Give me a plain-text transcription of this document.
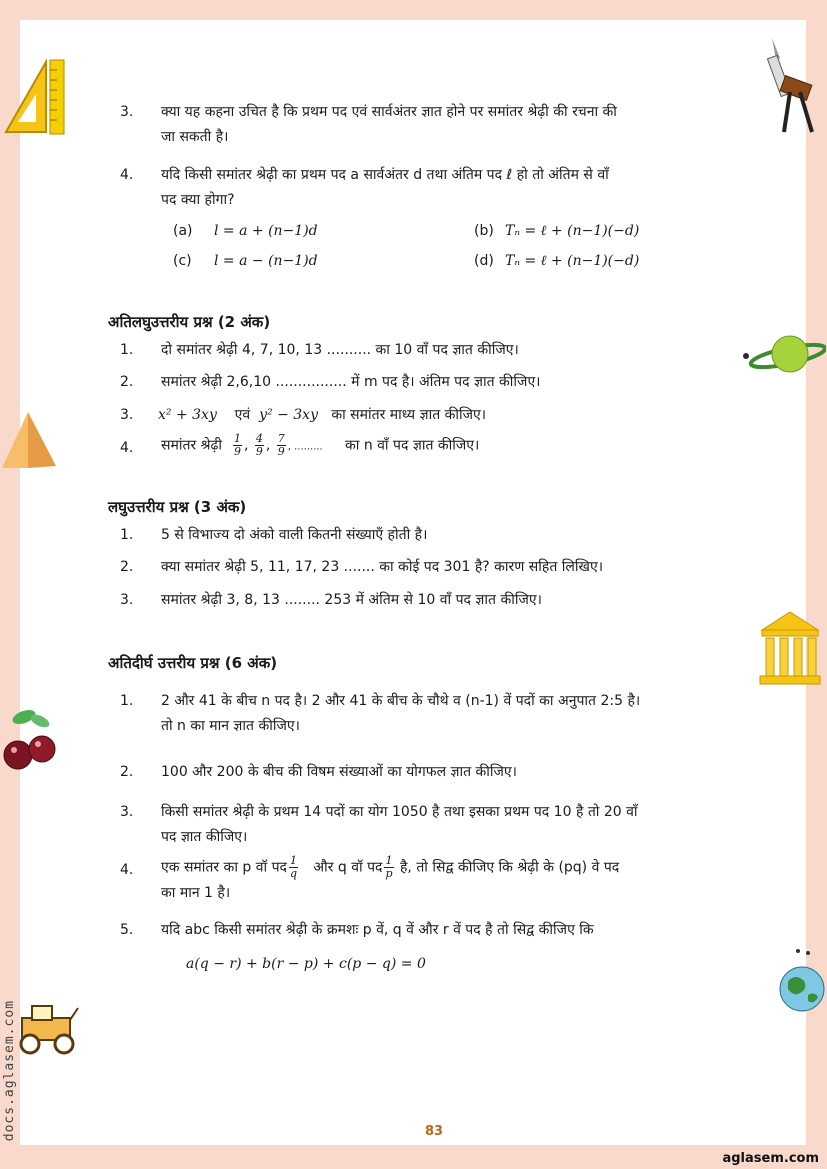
3. क्या यह कहना उचित है कि प्रथम पद एवं सार्वअंतर ज्ञात होने पर समांतर श्रेढ़ी की रचना की
जा सकती है।
4. यदि किसी समांतर श्रेढ़ी का प्रथम पद a सार्वअंतर d तथा अंतिम पद ℓ हो तो अंतिम से वाँ
पद क्या होगा?
(a) l = a + (n−1)d	(b) Tₙ = ℓ + (n−1)(−d)
(c) l = a − (n−1)d	(d) Tₙ = ℓ + (n−1)(−d)
अतिलघुउत्तरीय प्रश्न (2 अंक)
1. दो समांतर श्रेढ़ी 4, 7, 10, 13 .......... का 10 वाँ पद ज्ञात कीजिए।
2. समांतर श्रेढ़ी 2,6,10 ................ में m पद है। अंतिम पद ज्ञात कीजिए।
3. x² + 3xy एवं y² − 3xy का समांतर माध्य ज्ञात कीजिए।
4. समांतर श्रेढ़ी $\frac{1}{9}$ , $\frac{4}{9}$ , $\frac{7}{9}$ , ......... का n वाँ पद ज्ञात कीजिए।
लघुउत्तरीय प्रश्न (3 अंक)
1. 5 से विभाज्य दो अंको वाली कितनी संख्याएँ होती है।
2. क्या समांतर श्रेढ़ी 5, 11, 17, 23 ....... का कोई पद 301 है? कारण सहित लिखिए।
3. समांतर श्रेढ़ी 3, 8, 13 ........ 253 में अंतिम से 10 वाँ पद ज्ञात कीजिए।
अतिदीर्घ उत्तरीय प्रश्न (6 अंक)
1. 2 और 41 के बीच n पद है। 2 और 41 के बीच के चौथे व (n-1) वें पदों का अनुपात 2:5 है।
तो n का मान ज्ञात कीजिए।
2. 100 और 200 के बीच की विषम संख्याओं का योगफल ज्ञात कीजिए।
3. किसी समांतर श्रेढ़ी के प्रथम 14 पदों का योग 1050 है तथा इसका प्रथम पद 10 है तो 20 वाँ
पद ज्ञात कीजिए।
4. एक समांतर का p वॉ पद $\frac{1}{q}$ और q वॉ पद $\frac{1}{p}$ है, तो सिद्व कीजिए कि श्रेढ़ी के (pq) वे पद
का मान 1 है।
5. यदि abc किसी समांतर श्रेढ़ी के क्रमशः p वें, q वें और r वें पद है तो सिद्व कीजिए कि
a(q − r) + b(r − p) + c(p − q) = 0
83
docs.aglasem.com
aglasem.com
